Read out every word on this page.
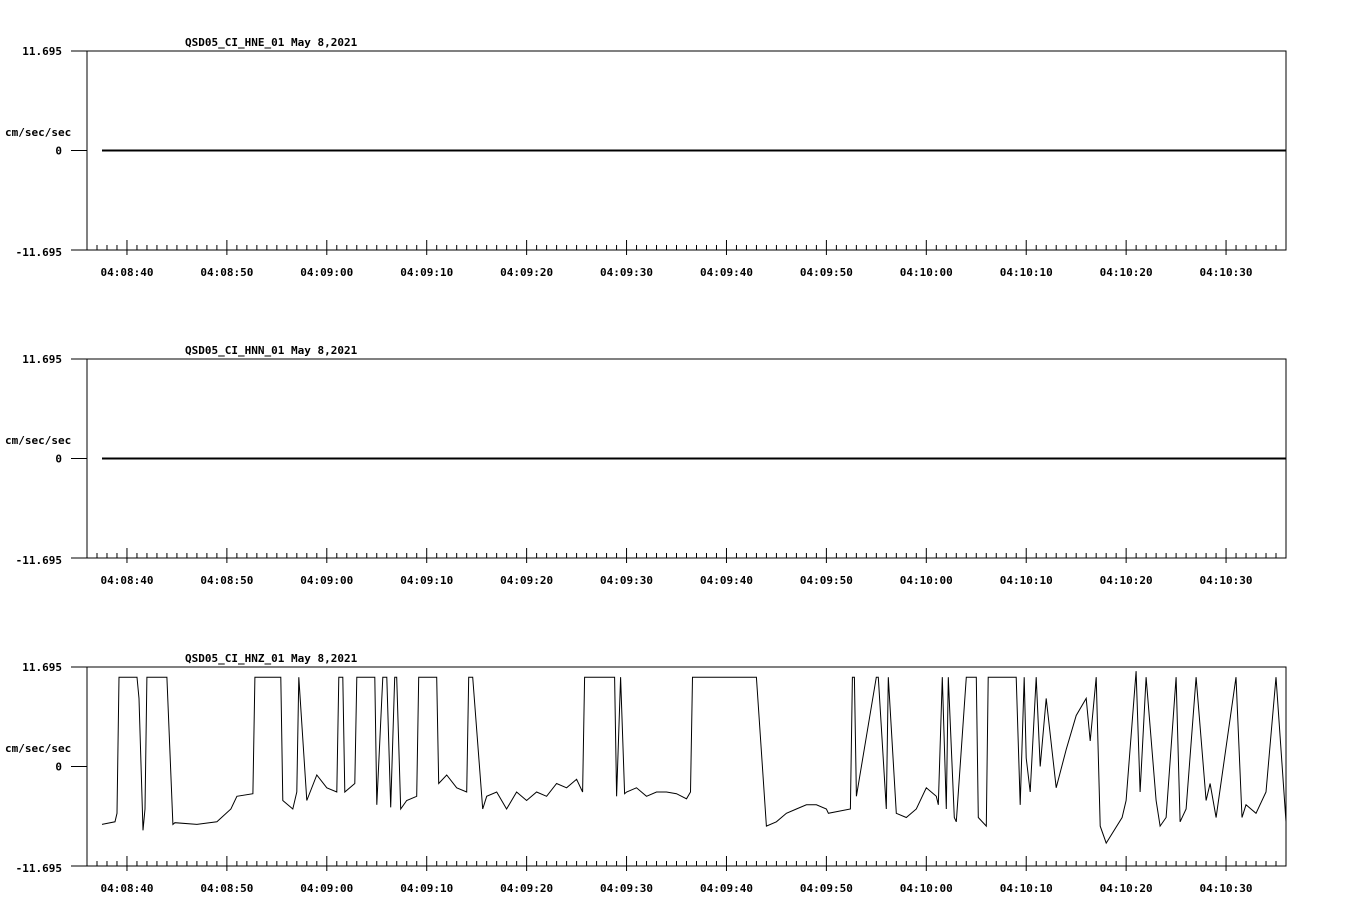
QSD05_CI_HNE_01 May 8,2021
cm/sec/sec
11.695
0
-11.695
04:08:40	04:08:50	04:09:00	04:09:10	04:09:20	04:09:30	04:09:40	04:09:50	04:10:00	04:10:10	04:10:20	04:10:30
QSD05_CI_HNN_01 May 8,2021
cm/sec/sec
11.695
0
-11.695
04:08:40	04:08:50	04:09:00	04:09:10	04:09:20	04:09:30	04:09:40	04:09:50	04:10:00	04:10:10	04:10:20	04:10:30
QSD05_CI_HNZ_01 May 8,2021
cm/sec/sec
11.695
0
-11.695
04:08:40	04:08:50	04:09:00	04:09:10	04:09:20	04:09:30	04:09:40	04:09:50	04:10:00	04:10:10	04:10:20	04:10:30
